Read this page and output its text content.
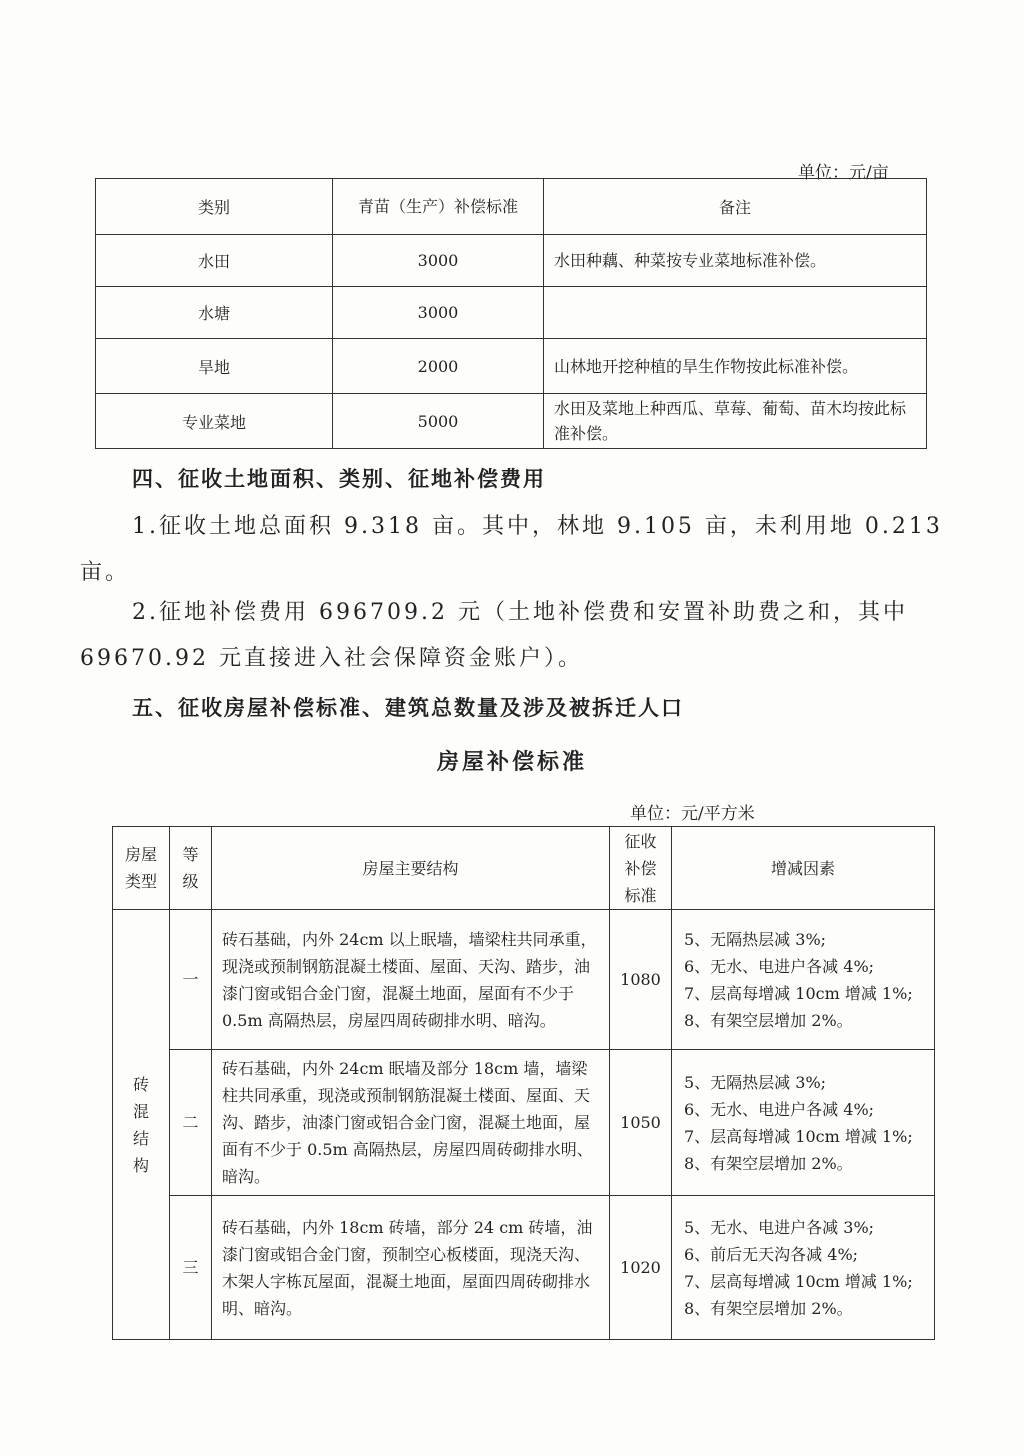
单位：元/亩
类别	青苗（生产）补偿标准	备注
水田	3000	水田种藕、种菜按专业菜地标准补偿。
水塘	3000	
旱地	2000	山林地开挖种植的旱生作物按此标准补偿。
专业菜地	5000	水田及菜地上种西瓜、草莓、葡萄、苗木均按此标准补偿。
四、征收土地面积、类别、征地补偿费用
1.征收土地总面积 9.318 亩。其中，林地 9.105 亩，未利用地 0.213 亩。
2.征地补偿费用 696709.2 元（土地补偿费和安置补助费之和，其中 69670.92 元直接进入社会保障资金账户）。
五、征收房屋补偿标准、建筑总数量及涉及被拆迁人口
房屋补偿标准
单位：元/平方米
房屋类型	等级	房屋主要结构	征收补偿标准	增减因素

砖混结构	一	砖石基础，内外 24cm 以上眠墙，墙梁柱共同承重，现浇或预制钢筋混凝土楼面、屋面、天沟、踏步，油漆门窗或铝合金门窗，混凝土地面，屋面有不少于 0.5m 高隔热层，房屋四周砖砌排水明、暗沟。	1080	5、无隔热层减 3%;
6、无水、电进户各减 4%;
7、层高每增减 10cm 增减 1%;
8、有架空层增加 2%。

	二	砖石基础，内外 24cm 眠墙及部分 18cm 墙，墙梁柱共同承重，现浇或预制钢筋混凝土楼面、屋面、天沟、踏步，油漆门窗或铝合金门窗，混凝土地面，屋面有不少于 0.5m 高隔热层，房屋四周砖砌排水明、暗沟。	1050	5、无隔热层减 3%;
6、无水、电进户各减 4%;
7、层高每增减 10cm 增减 1%;
8、有架空层增加 2%。

	三	砖石基础，内外 18cm 砖墙，部分 24 cm 砖墙，油漆门窗或铝合金门窗，预制空心板楼面，现浇天沟、木架人字栋瓦屋面，混凝土地面，屋面四周砖砌排水明、暗沟。	1020	5、无水、电进户各减 3%;
6、前后无天沟各减 4%;
7、层高每增减 10cm 增减 1%;
8、有架空层增加 2%。
